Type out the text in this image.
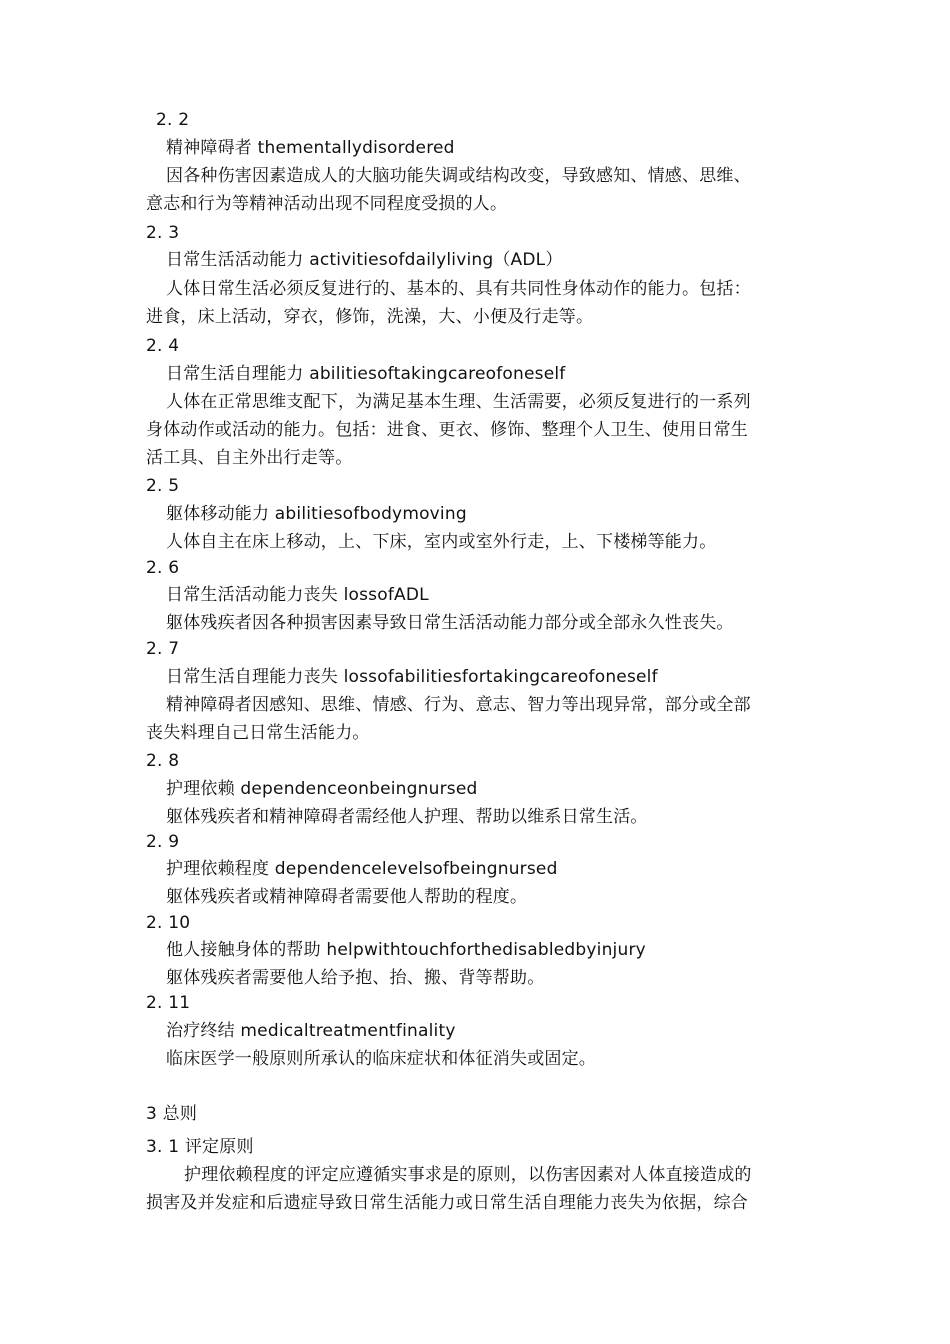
2. 2
精神障碍者 thementallydisordered
因各种伤害因素造成人的大脑功能失调或结构改变，导致感知、情感、思维、
意志和行为等精神活动出现不同程度受损的人。
2. 3
日常生活活动能力 activitiesofdailyliving（ADL）
人体日常生活必须反复进行的、基本的、具有共同性身体动作的能力。包括：
进食，床上活动，穿衣，修饰，洗澡，大、小便及行走等。
2. 4
日常生活自理能力 abilitiesoftakingcareofoneself
人体在正常思维支配下，为满足基本生理、生活需要，必须反复进行的一系列
身体动作或活动的能力。包括：进食、更衣、修饰、整理个人卫生、使用日常生
活工具、自主外出行走等。
2. 5
躯体移动能力 abilitiesofbodymoving
人体自主在床上移动，上、下床，室内或室外行走，上、下楼梯等能力。
2. 6
日常生活活动能力丧失 lossofADL
躯体残疾者因各种损害因素导致日常生活活动能力部分或全部永久性丧失。
2. 7
日常生活自理能力丧失 lossofabilitiesfortakingcareofoneself
精神障碍者因感知、思维、情感、行为、意志、智力等出现异常，部分或全部
丧失料理自己日常生活能力。
2. 8
护理依赖 dependenceonbeingnursed
躯体残疾者和精神障碍者需经他人护理、帮助以维系日常生活。
2. 9
护理依赖程度 dependencelevelsofbeingnursed
躯体残疾者或精神障碍者需要他人帮助的程度。
2. 10
他人接触身体的帮助 helpwithtouchforthedisabledbyinjury
躯体残疾者需要他人给予抱、抬、搬、背等帮助。
2. 11
治疗终结 medicaltreatmentfinality
临床医学一般原则所承认的临床症状和体征消失或固定。
3 总则
3. 1 评定原则
护理依赖程度的评定应遵循实事求是的原则，以伤害因素对人体直接造成的
损害及并发症和后遗症导致日常生活能力或日常生活自理能力丧失为依据，综合
